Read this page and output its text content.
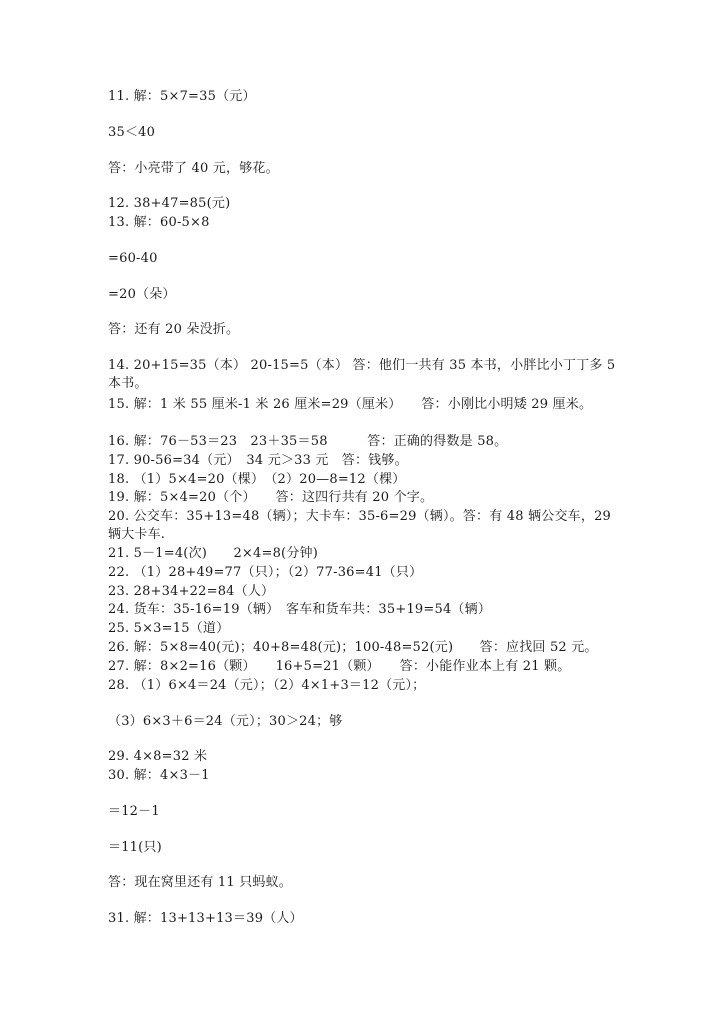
11. 解：5×7=35（元）
35＜40
答：小亮带了 40 元，够花。
12. 38+47=85(元)
13. 解：60-5×8
=60-40
=20（朵）
答：还有 20 朵没折。
14. 20+15=35（本） 20-15=5（本） 答：他们一共有 35 本书，小胖比小丁丁多 5 本书。
15. 解：1 米 55 厘米-1 米 26 厘米=29（厘米）　　答：小刚比小明矮 29 厘米。
16. 解：76－53＝23　23＋35＝58　　　答：正确的得数是 58。
17. 90-56=34（元）　34 元＞33 元　答：钱够。
18. （1）5×4=20（棵）　（2）20—8=12（棵）
19. 解：5×4=20（个）　　答：这四行共有 20 个字。
20. 公交车：35+13=48（辆）；大卡车：35-6=29（辆）。答：有 48 辆公交车，29 辆大卡车.
21. 5－1=4(次)　　2×4=8(分钟)
22. （1）28+49=77（只）；（2）77-36=41（只）
23. 28+34+22=84（人）
24. 货车：35-16=19（辆）　客车和货车共：35+19=54（辆）
25. 5×3=15（道）
26. 解：5×8=40(元)；40+8=48(元)；100-48=52(元)　　答：应找回 52 元。
27. 解：8×2=16（颗）　　16+5=21（颗）　　答：小能作业本上有 21 颗。
28. （1）6×4＝24（元）；（2）4×1+3＝12（元）；
（3）6×3＋6＝24（元）；30＞24；够
29. 4×8=32 米
30. 解：4×3－1
＝12－1
＝11(只)
答：现在窝里还有 11 只蚂蚁。
31. 解：13+13+13＝39（人）
